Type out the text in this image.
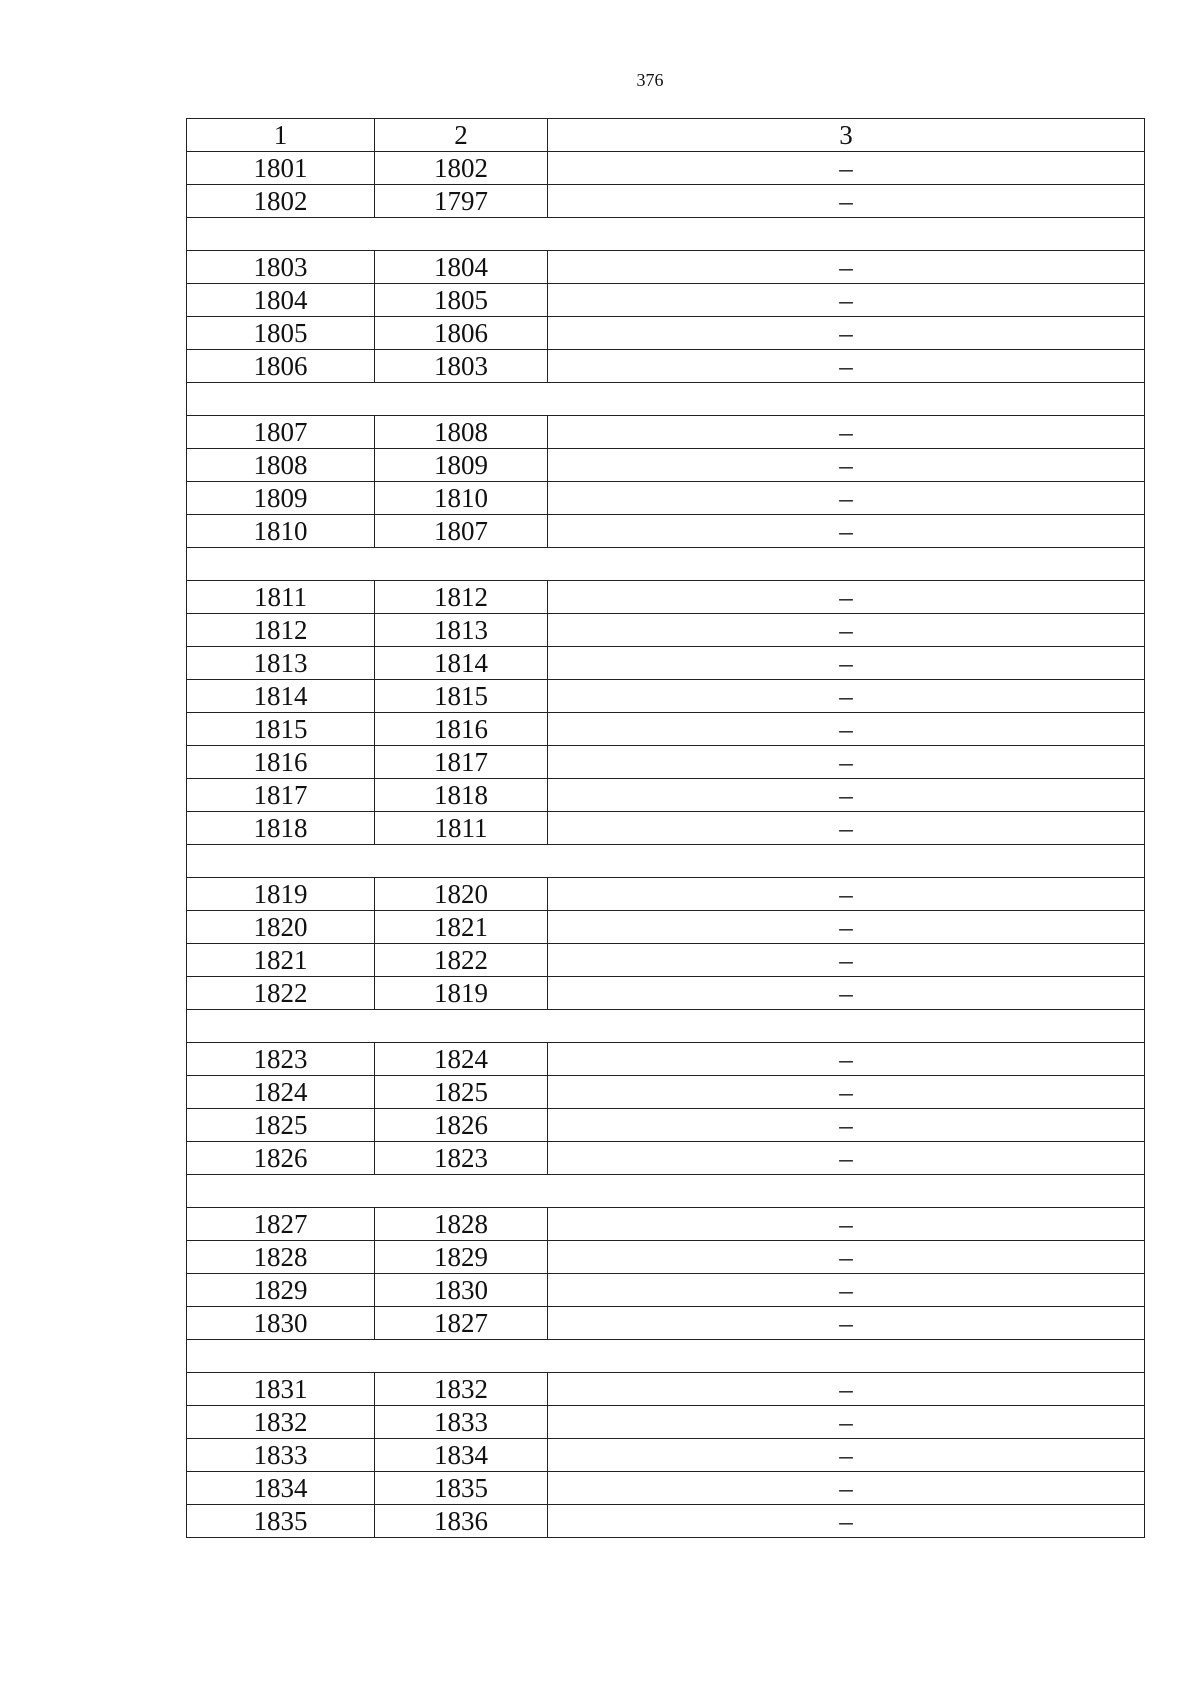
376
1	2	3
1801	1802	–
1802	1797	–

1803	1804	–
1804	1805	–
1805	1806	–
1806	1803	–

1807	1808	–
1808	1809	–
1809	1810	–
1810	1807	–

1811	1812	–
1812	1813	–
1813	1814	–
1814	1815	–
1815	1816	–
1816	1817	–
1817	1818	–
1818	1811	–

1819	1820	–
1820	1821	–
1821	1822	–
1822	1819	–

1823	1824	–
1824	1825	–
1825	1826	–
1826	1823	–

1827	1828	–
1828	1829	–
1829	1830	–
1830	1827	–

1831	1832	–
1832	1833	–
1833	1834	–
1834	1835	–
1835	1836	–
